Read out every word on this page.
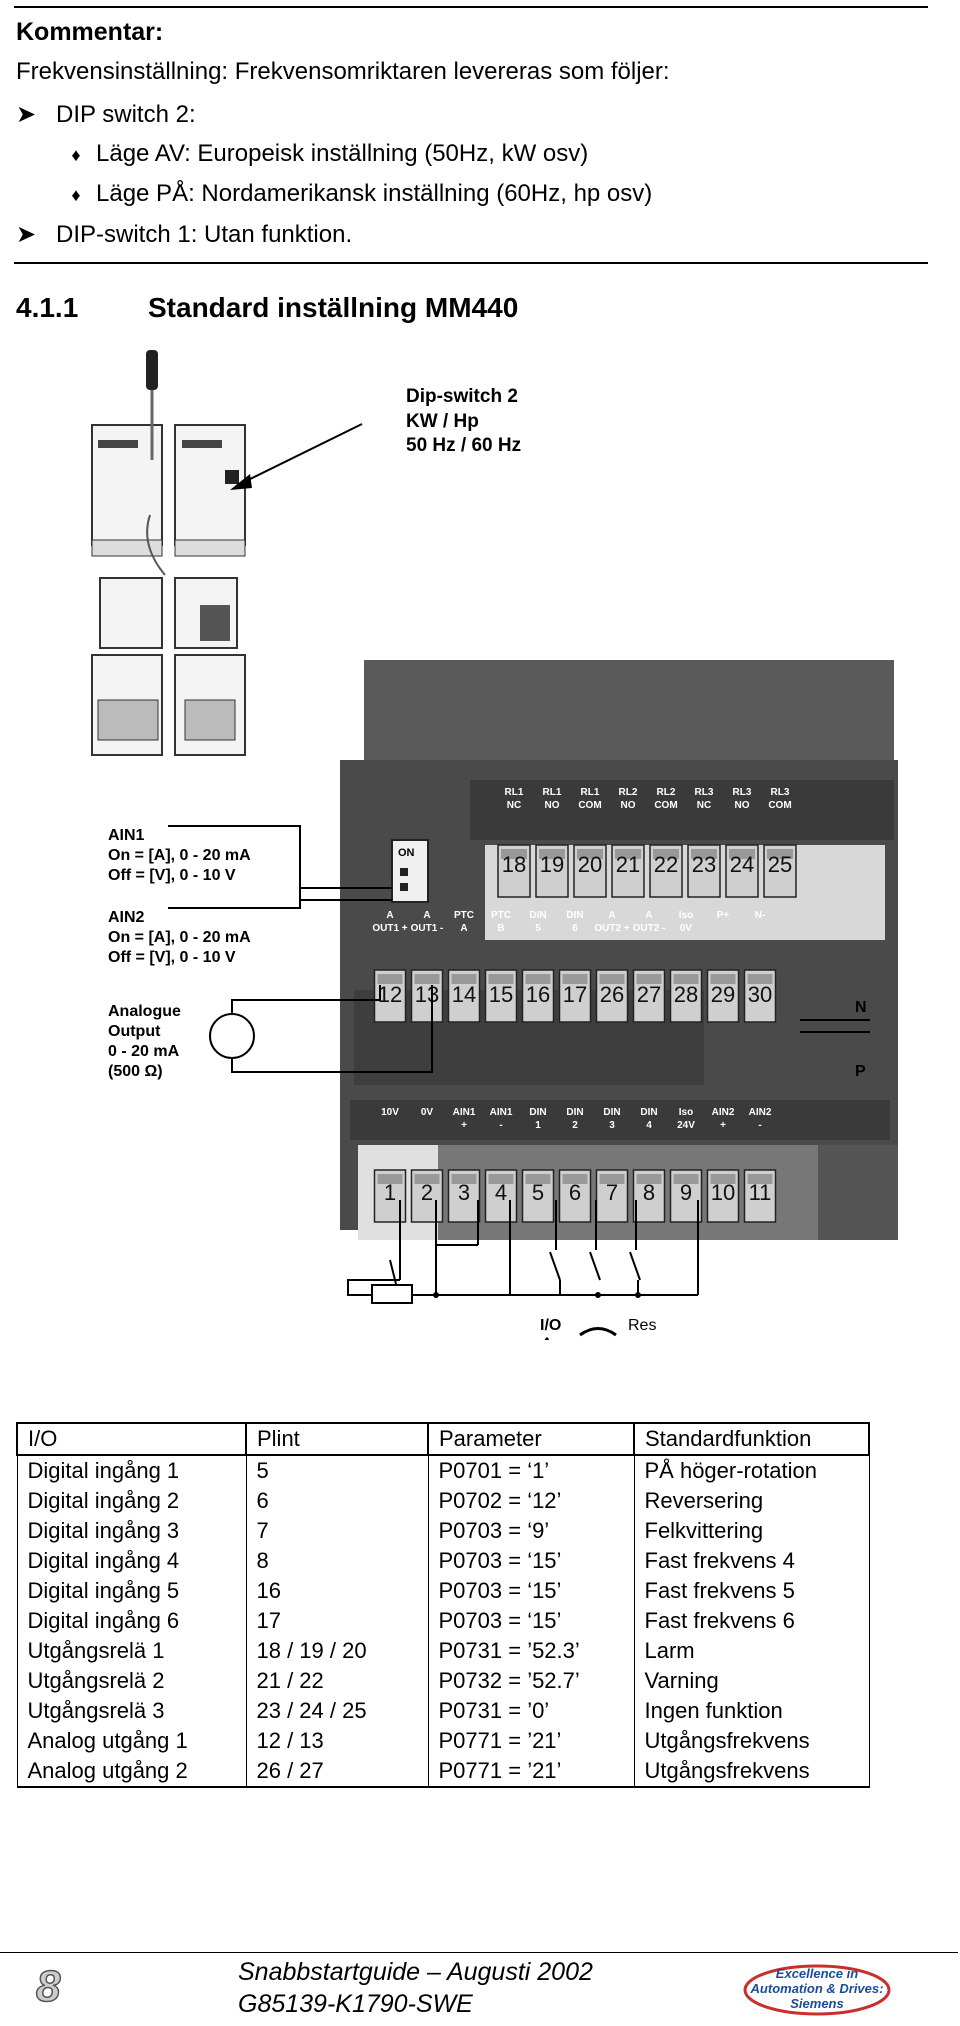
Kommentar:
Frekvensinställning: Frekvensomriktaren levereras som följer:
➤ DIP switch 2:
♦ Läge AV: Europeisk inställning (50Hz, kW osv)
♦ Läge PÅ: Nordamerikansk inställning (60Hz, hp osv)
➤ DIP-switch 1: Utan funktion.
4.1.1 Standard inställning MM440
Dip-switch 2
KW / Hp
50 Hz / 60 Hz
ON
RL1
NC
18
RL1
NO
19
RL1
COM
20
RL2
NO
21
RL2
COM
22
RL3
NC
23
RL3
NO
24
RL3
COM
25
A
OUT1 +
12
A
OUT1 -
13
PTC
A
14
PTC
B
15
DIN
5
16
DIN
6
17
A
OUT2 +
26
A
OUT2 -
27
Iso
0V
28
P+
29
N-
30
10V
1
0V
2
AIN1
+
3
AIN1
-
4
DIN
1
5
DIN
2
6
DIN
3
7
DIN
4
8
Iso
24V
9
AIN2
+
10
AIN2
-
11
AIN1
On = [A], 0 - 20 mA
Off = [V], 0 - 10 V
AIN2
On = [A], 0 - 20 mA
Off = [V], 0 - 10 V
Analogue
Output
0 - 20 mA
(500 Ω)
N
P
I/O	Res
I/O	Plint	Parameter	Standardfunktion
Digital ingång 1	5	P0701 = ‘1’	PÅ höger-rotation
Digital ingång 2	6	P0702 = ‘12’	Reversering
Digital ingång 3	7	P0703 = ‘9’	Felkvittering
Digital ingång 4	8	P0703 = ‘15’	Fast frekvens 4
Digital ingång 5	16	P0703 = ‘15’	Fast frekvens 5
Digital ingång 6	17	P0703 = ‘15’	Fast frekvens 6
Utgångsrelä 1	18 / 19 / 20	P0731 = ’52.3’	Larm
Utgångsrelä 2	21 / 22	P0732 = ’52.7’	Varning
Utgångsrelä 3	23 / 24 / 25	P0731 = ’0’	Ingen funktion
Analog utgång 1	12 / 13	P0771 = ’21’	Utgångsfrekvens
Analog utgång 2	26 / 27	P0771 = ’21’	Utgångsfrekvens
8	Snabbstartguide – Augusti 2002
G85139-K1790-SWE
Excellence in
Automation & Drives:
Siemens
